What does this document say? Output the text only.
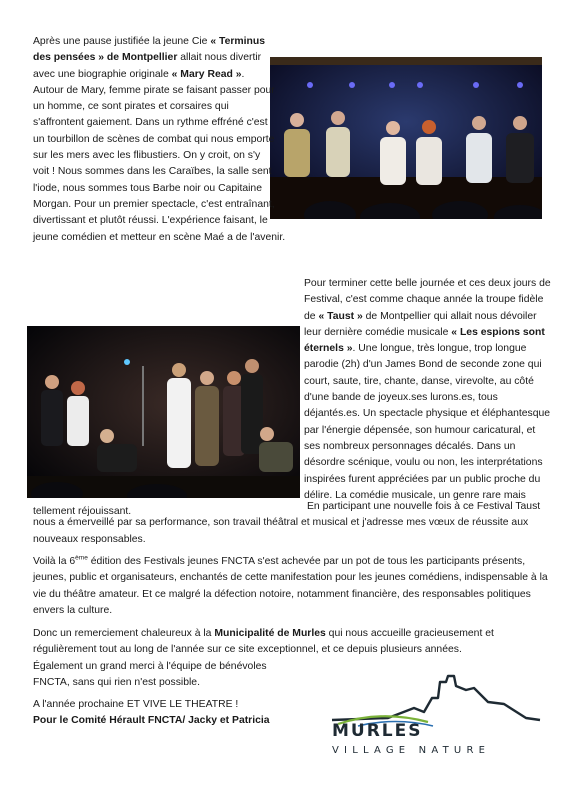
Après une pause justifiée la jeune Cie « Terminus des pensées » de Montpellier allait nous divertir avec une biographie originale « Mary Read ». Autour de Mary, femme pirate se faisant passer pour un homme, ce sont pirates et corsaires qui s'affrontent gaiement. Dans un rythme effréné c'est un tourbillon de scènes de combat qui nous emporte sur les mers avec les flibustiers. On y croit, on s'y voit ! Nous sommes dans les Caraïbes, la salle sent l'iode, nous sommes tous Barbe noir ou Capitaine Morgan. Pour un premier spectacle, c'est entraînant, divertissant et plutôt réussi. L'expérience faisant, le jeune comédien et metteur en scène Maé a de l'avenir.

Pour terminer cette belle journée et ces deux jours de Festival, c'est comme chaque année la troupe fidèle de « Taust » de Montpellier qui allait nous dévoiler leur dernière comédie musicale « Les espions sont éternels ». Une longue, très longue, trop longue parodie (2h) d'un James Bond de seconde zone qui court, saute, tire, chante, danse, virevolte, au côté d'une bande de joyeux.ses lurons.es, tous déjantés.es. Un spectacle physique et éléphantesque par l'énergie dépensée, son humour caricatural, et ses nombreux personnages décalés. Dans un désordre scénique, voulu ou non, les interprétations inspirées furent appréciées par un public proche du délire. La comédie musicale, un genre rare mais tellement réjouissant.	En participant une nouvelle fois à ce Festival Taust nous a émerveillé par sa performance, son travail théâtral et musical et j'adresse mes vœux de réussite aux nouveaux responsables.

Voilà la 6ème édition des Festivals jeunes FNCTA s'est achevée par un pot de tous les participants présents, jeunes, public et organisateurs, enchantés de cette manifestation pour les jeunes comédiens, indispensable à la vie du théâtre amateur. Et ce malgré la défection notoire, notamment financière, des responsables politiques envers la culture.

Donc un remerciement chaleureux à la Municipalité de Murles qui nous accueille gracieusement et régulièrement tout au long de l'année sur ce site exceptionnel, et ce depuis plusieurs années.
Également un grand merci à l'équipe de bénévoles
FNCTA, sans qui rien n'est possible.

A l'année prochaine ET VIVE LE THEATRE !
Pour le Comité Hérault FNCTA/ Jacky et Patricia

MURLES
VILLAGE NATURE
